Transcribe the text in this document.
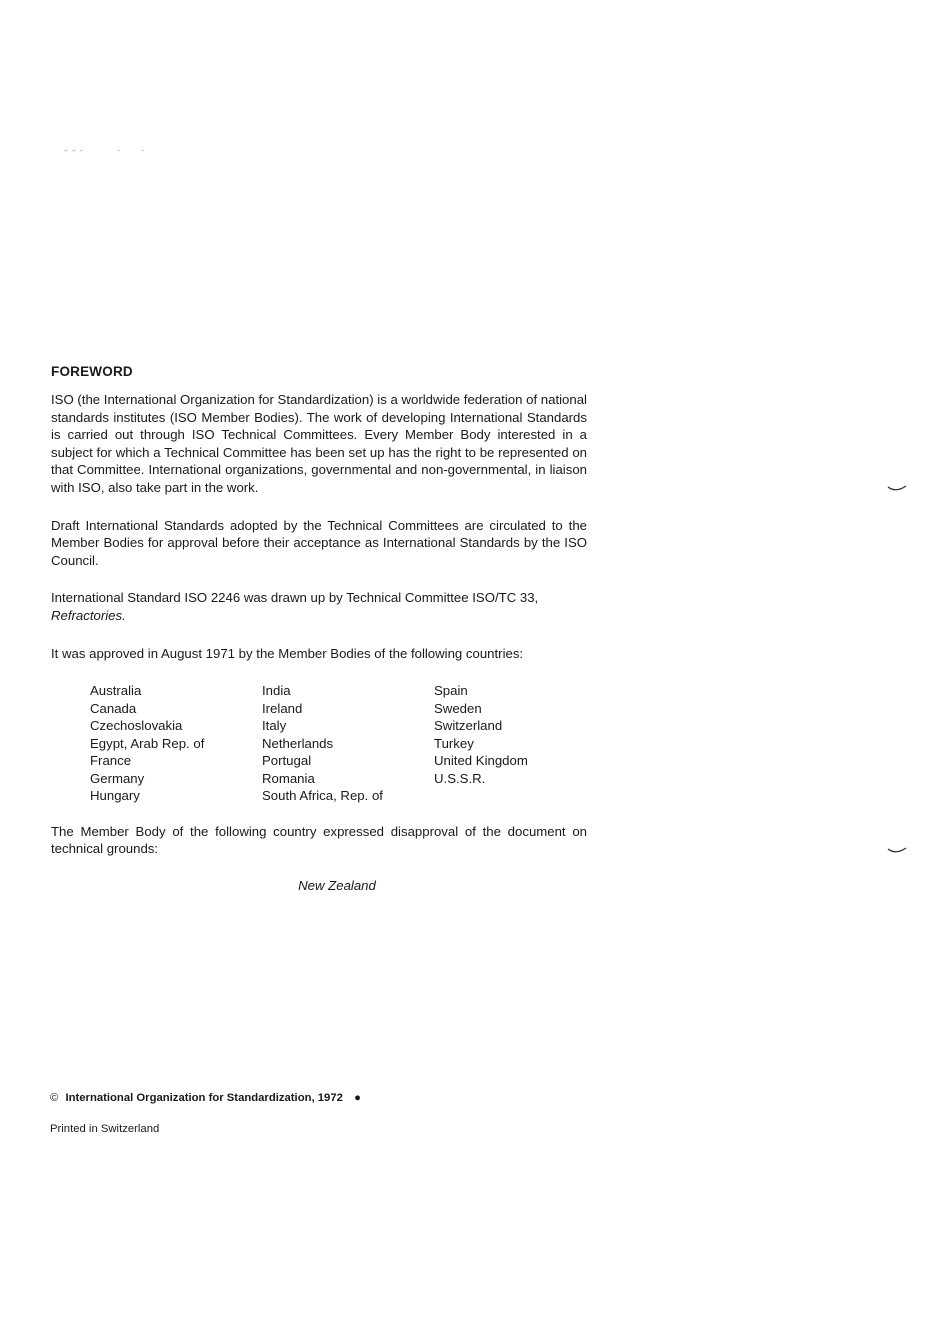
FOREWORD

ISO (the International Organization for Standardization) is a worldwide federation of national standards institutes (ISO Member Bodies). The work of developing International Standards is carried out through ISO Technical Committees. Every Member Body interested in a subject for which a Technical Committee has been set up has the right to be represented on that Committee. International organizations, governmental and non-governmental, in liaison with ISO, also take part in the work.

Draft International Standards adopted by the Technical Committees are circulated to the Member Bodies for approval before their acceptance as International Standards by the ISO Council.

International Standard ISO 2246 was drawn up by Technical Committee ISO/TC 33,
Refractories.

It was approved in August 1971 by the Member Bodies of the following countries:

Australia
Canada
Czechoslovakia
Egypt, Arab Rep. of
France
Germany
Hungary
India
Ireland
Italy
Netherlands
Portugal
Romania
South Africa, Rep. of
Spain
Sweden
Switzerland
Turkey
United Kingdom
U.S.S.R.

The Member Body of the following country expressed disapproval of the document on technical grounds:

New Zealand
© International Organization for Standardization, 1972 ●
Printed in Switzerland
